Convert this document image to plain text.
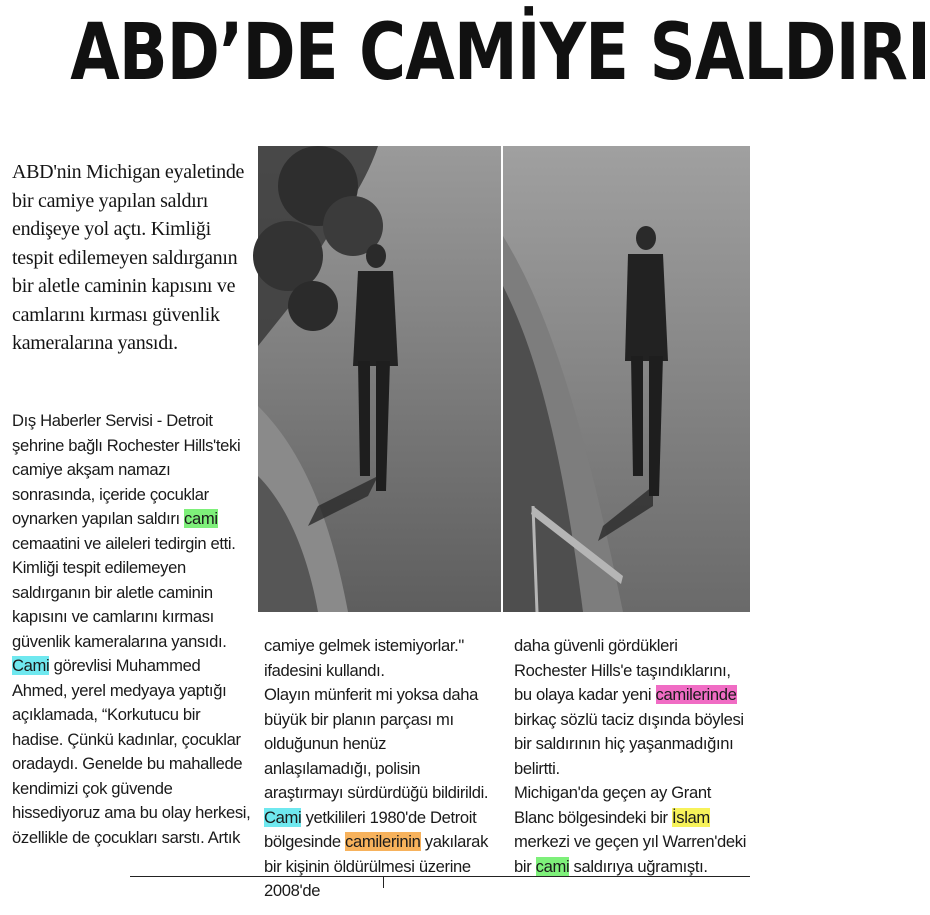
ABD’DE CAMİYE SALDIRI
ABD'nin Michigan eyaletinde bir camiye yapılan saldırı endişeye yol açtı. Kimliği tespit edilemeyen saldırganın bir aletle caminin kapısını ve camlarını kırması güvenlik kameralarına yansıdı.

Dış Haberler Servisi - Detroit şehrine bağlı Rochester Hills'teki camiye akşam namazı sonrasında, içeride çocuklar oynarken yapılan saldırı cami cemaatini ve aileleri tedirgin etti.

Kimliği tespit edilemeyen saldırganın bir aletle caminin kapısını ve camlarını kırması güvenlik kameralarına yansıdı.

Cami görevlisi Muhammed Ahmed, yerel medyaya yaptığı açıklamada, “Korkutucu bir hadise. Çünkü kadınlar, çocuklar oradaydı. Genelde bu mahallede kendimizi çok güvende hissediyoruz ama bu olay herkesi, özellikle de çocukları sarstı. Artık

camiye gelmek istemiyorlar." ifadesini kullandı.

Olayın münferit mi yoksa daha büyük bir planın parçası mı olduğunun henüz anlaşılamadığı, polisin araştırmayı sürdürdüğü bildirildi.

Cami yetkilileri 1980'de Detroit bölgesinde camilerinin yakılarak bir kişinin öldürülmesi üzerine 2008'de

daha güvenli gördükleri Rochester Hills'e taşındıklarını, bu olaya kadar yeni camilerinde birkaç sözlü taciz dışında böylesi bir saldırının hiç yaşanmadığını belirtti.

Michigan'da geçen ay Grant Blanc bölgesindeki bir İslam merkezi ve geçen yıl Warren'deki bir cami saldırıya uğramıştı.
